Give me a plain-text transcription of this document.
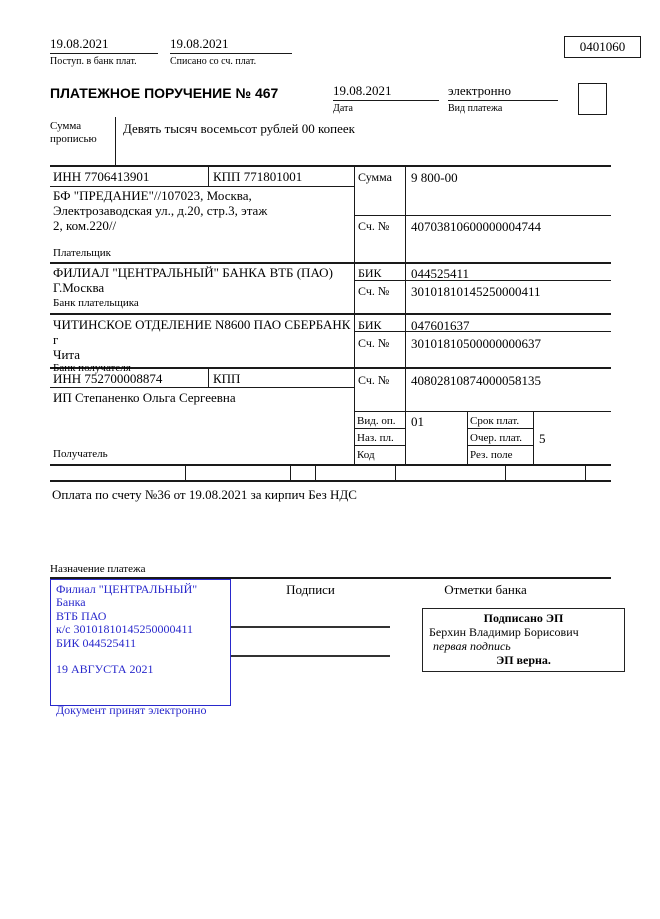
19.08.2021
Поступ. в банк плат.
19.08.2021
Списано со сч. плат.
0401060
ПЛАТЕЖНОЕ ПОРУЧЕНИЕ № 467	19.08.2021
Дата
электронно
Вид платежа
Сумма прописью
Девять тысяч восемьсот рублей 00 копеек
ИНН 7706413901	КПП 771801001
БФ "ПРЕДАНИЕ"//107023, Москва,
Электрозаводская ул., д.20, стр.3, этаж
2, ком.220//
Плательщик
Сумма 9 800-00
Сч. № 40703810600000004744
ФИЛИАЛ "ЦЕНТРАЛЬНЫЙ" БАНКА ВТБ (ПАО)
Г.Москва
Банк плательщика
БИК 044525411
Сч. № 30101810145250000411
ЧИТИНСКОЕ ОТДЕЛЕНИЕ N8600 ПАО СБЕРБАНК г
Чита
Банк получателя
БИК 047601637
Сч. № 30101810500000000637
ИНН 752700008874	КПП
ИП Степаненко Ольга Сергеевна
Получатель
Сч. № 40802810874000058135
Вид. оп. 01
Наз. пл.
Код
Срок плат.
Очер. плат. 5
Рез. поле
Оплата по счету №36 от 19.08.2021 за кирпич Без НДС
Назначение платежа
Филиал "ЦЕНТРАЛЬНЫЙ" Банка
ВТБ ПАО
к/с 30101810145250000411
БИК 044525411

19 АВГУСТА 2021

Документ принят электронно
Подписи	Отметки банка
Подписано ЭП
Берхин Владимир Борисович
первая подпись
ЭП верна.
